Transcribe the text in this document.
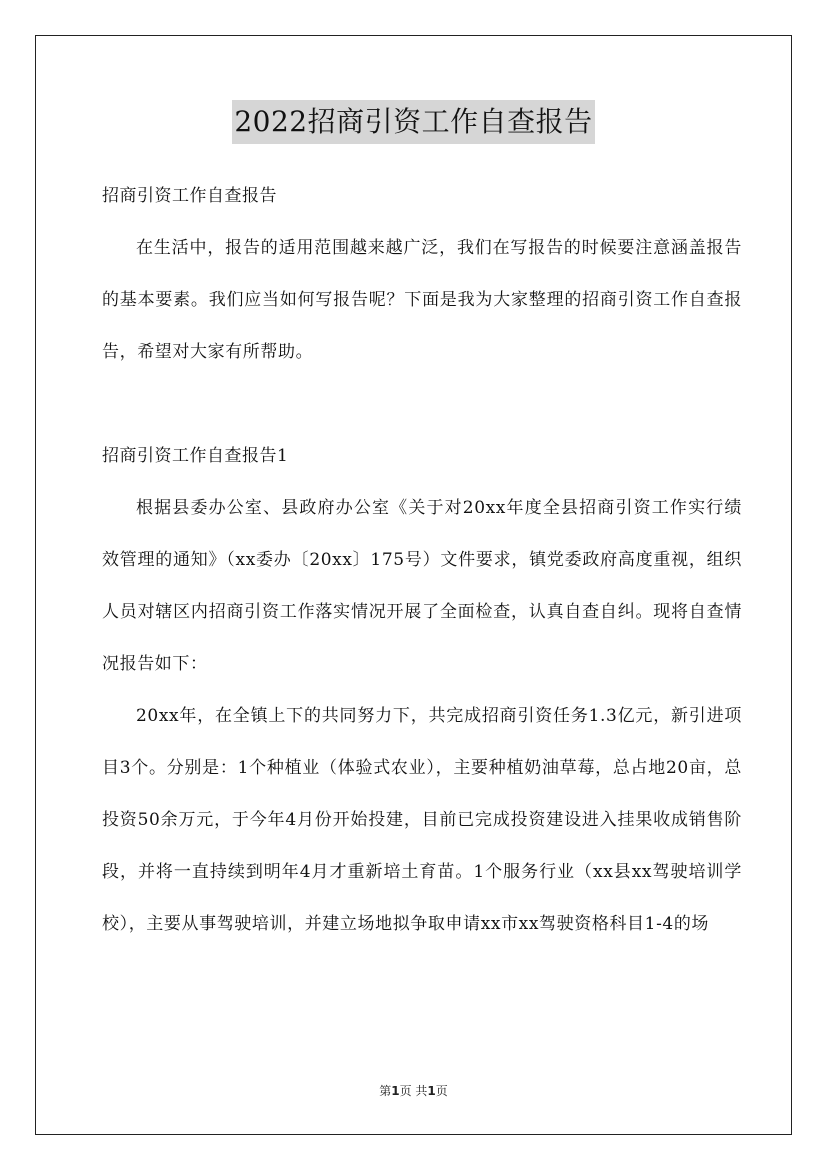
2022招商引资工作自查报告

招商引资工作自查报告

在生活中，报告的适用范围越来越广泛，我们在写报告的时候要注意涵盖报告的基本要素。我们应当如何写报告呢？下面是我为大家整理的招商引资工作自查报告，希望对大家有所帮助。

招商引资工作自查报告1

根据县委办公室、县政府办公室《关于对20xx年度全县招商引资工作实行绩效管理的通知》（xx委办〔20xx〕175号）文件要求，镇党委政府高度重视，组织人员对辖区内招商引资工作落实情况开展了全面检查，认真自查自纠。现将自查情况报告如下：

20xx年，在全镇上下的共同努力下，共完成招商引资任务1.3亿元，新引进项目3个。分别是：1个种植业（体验式农业），主要种植奶油草莓，总占地20亩，总投资50余万元，于今年4月份开始投建，目前已完成投资建设进入挂果收成销售阶段，并将一直持续到明年4月才重新培土育苗。1个服务行业（xx县xx驾驶培训学校），主要从事驾驶培训，并建立场地拟争取申请xx市xx驾驶资格科目1-4的场

第1页 共1页
